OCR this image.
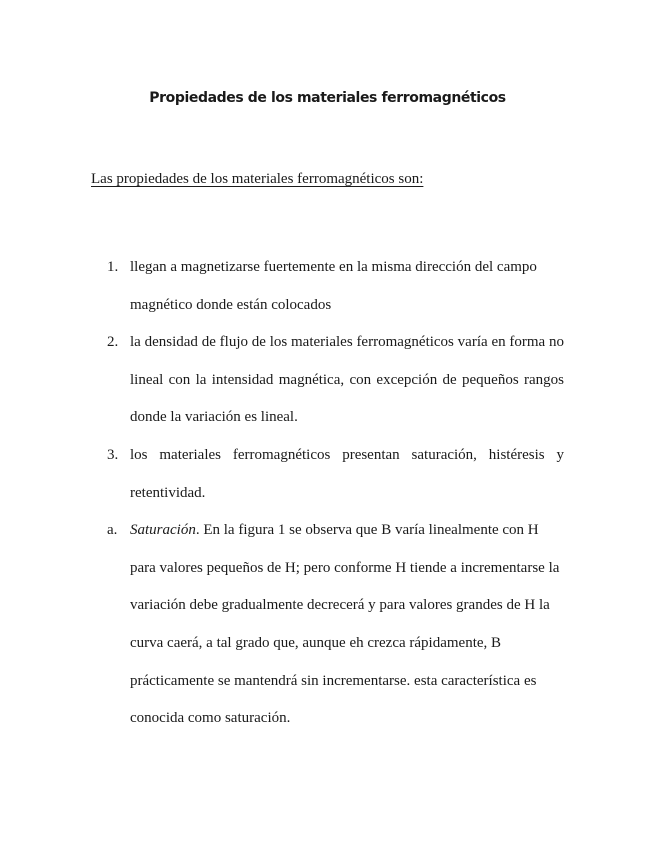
Propiedades de los materiales ferromagnéticos

Las propiedades de los materiales ferromagnéticos son:

1. llegan a magnetizarse fuertemente en la misma dirección del campo magnético donde están colocados
2. la densidad de flujo de los materiales ferromagnéticos varía en forma no lineal con la intensidad magnética, con excepción de pequeños rangos donde la variación es lineal.
3. los materiales ferromagnéticos presentan saturación, histéresis y retentividad.
a. Saturación. En la figura 1 se observa que B varía linealmente con H para valores pequeños de H; pero conforme H tiende a incrementarse la variación debe gradualmente decrecerá y para valores grandes de H la curva caerá, a tal grado que, aunque eh crezca rápidamente, B prácticamente se mantendrá sin incrementarse. esta característica es conocida como saturación.
